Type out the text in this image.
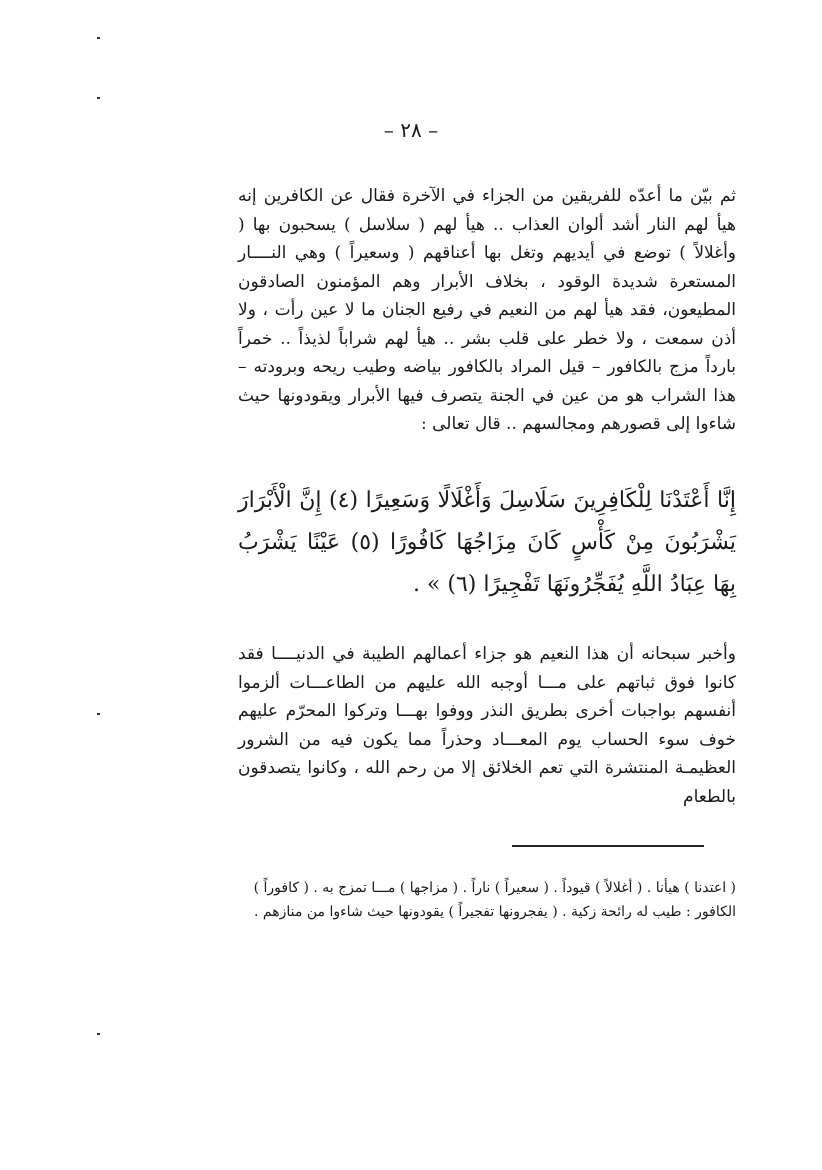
– ٢٨ –

ثم بيّن ما أعدّه للفريقين من الجزاء في الآخرة فقال عن الكافرين إنه هيأ لهم النار أشد ألوان العذاب .. هيأ لهم ( سلاسل ) يسحبون بها ( وأغلالاً ) توضع في أيديهم وتغل بها أعناقهم ( وسعيراً ) وهي النــــار المستعرة شديدة الوقود ، بخلاف الأبرار وهم المؤمنون الصادقون المطيعون، فقد هيأ لهم من النعيم في رفيع الجنان ما لا عين رأت ، ولا أذن سمعت ، ولا خطر على قلب بشر .. هيأ لهم شراباً لذيذاً .. خمراً بارداً مزج بالكافور – قيل المراد بالكافور بياضه وطيب ريحه وبرودته – هذا الشراب هو من عين في الجنة يتصرف فيها الأبرار ويقودونها حيث شاءوا إلى قصورهم ومجالسهم .. قال تعالى :

إِنَّا أَعْتَدْنَا لِلْكَافِرِينَ سَلَاسِلَ وَأَغْلَالًا وَسَعِيرًا (٤) إِنَّ الْأَبْرَارَ يَشْرَبُونَ مِنْ كَأْسٍ كَانَ مِزَاجُهَا كَافُورًا (٥) عَيْنًا يَشْرَبُ بِهَا عِبَادُ اللَّهِ يُفَجِّرُونَهَا تَفْجِيرًا (٦) » .

وأخبر سبحانه أن هذا النعيم هو جزاء أعمالهم الطيبة في الدنيــــا فقد كانوا فوق ثباتهم على مـــا أوجبه الله عليهم من الطاعـــات ألزموا أنفسهم بواجبات أخرى بطريق النذر ووفوا بهـــا وتركوا المحرّم عليهم خوف سوء الحساب يوم المعـــاد وحذراً مما يكون فيه من الشرور العظيمـة المنتشرة التي تعم الخلائق إلا من رحم الله ، وكانوا يتصدقون بالطعام

( اعتدنا ) هيأنا . ( أغلالاً ) قيوداً . ( سعيراً ) ناراً . ( مزاجها ) مـــا تمزج به . ( كافوراً ) الكافور : طيب له رائحة زكية . ( يفجرونها تفجيراً ) يقودونها حيث شاءوا من منازهم .
